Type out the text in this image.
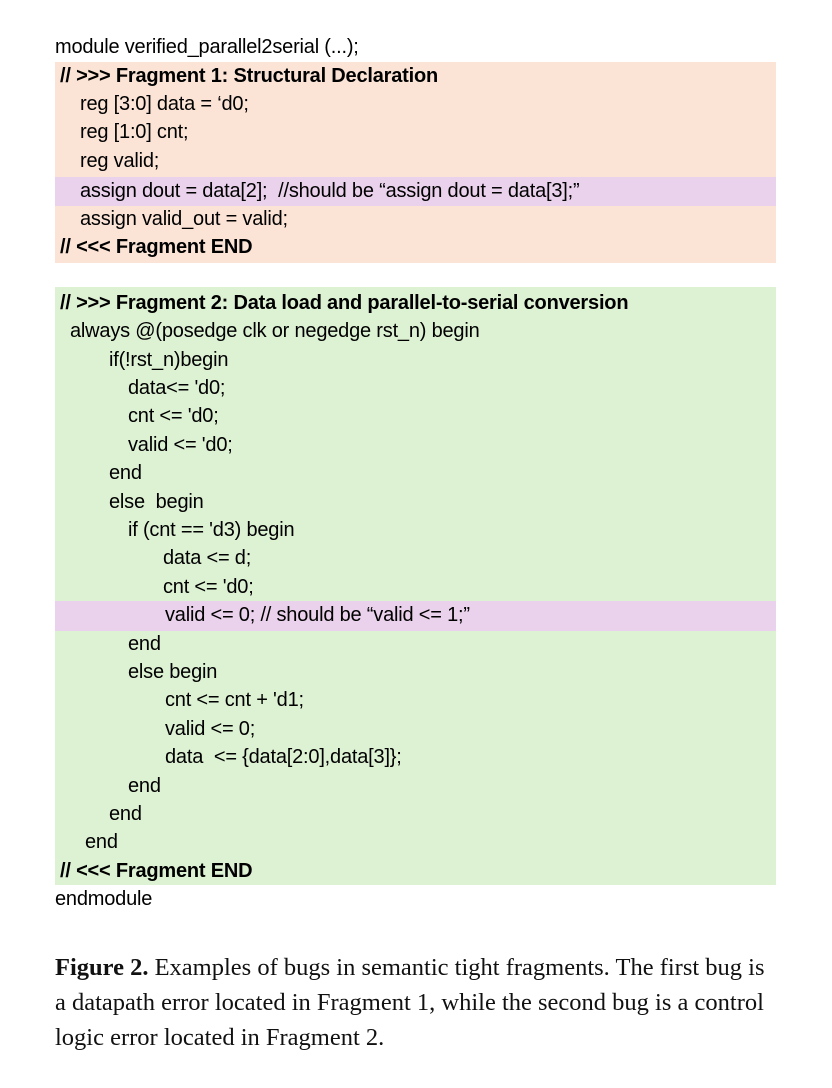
module verified_parallel2serial (...);
// >>> Fragment 1: Structural Declaration
reg [3:0] data = ‘d0;
reg [1:0] cnt;
reg valid;
assign dout = data[2];  //should be “assign dout = data[3];”
assign valid_out = valid;
// <<< Fragment END
// >>> Fragment 2: Data load and parallel-to-serial conversion
always @(posedge clk or negedge rst_n) begin
if(!rst_n)begin
data<= 'd0;
cnt <= 'd0;
valid <= 'd0;
end
else  begin
if (cnt == 'd3) begin
data <= d;
cnt <= 'd0;
valid <= 0; // should be “valid <= 1;”
end
else begin
cnt <= cnt + 'd1;
valid <= 0;
data  <= {data[2:0],data[3]};
end
end
end
// <<< Fragment END
endmodule
Figure 2. Examples of bugs in semantic tight fragments. The first bug is a datapath error located in Fragment 1, while the second bug is a control logic error located in Fragment 2.
